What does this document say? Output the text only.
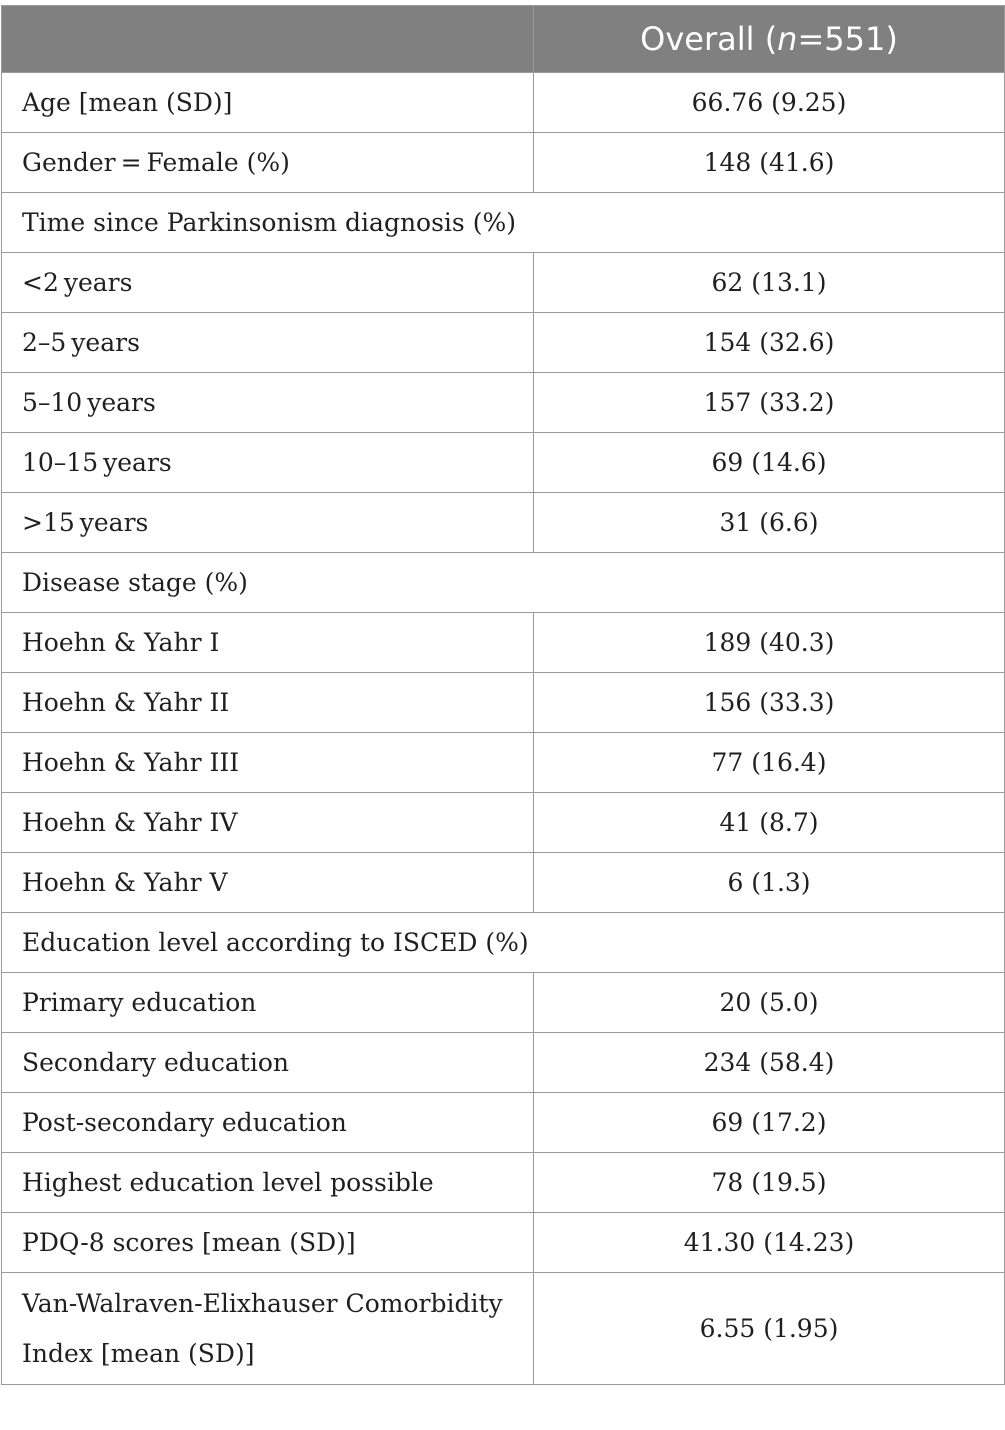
	Overall (n=551)
Age [mean (SD)]	66.76 (9.25)
Gender = Female (%)	148 (41.6)
Time since Parkinsonism diagnosis (%)	
<2 years	62 (13.1)
2–5 years	154 (32.6)
5–10 years	157 (33.2)
10–15 years	69 (14.6)
>15 years	31 (6.6)
Disease stage (%)	
Hoehn & Yahr I	189 (40.3)
Hoehn & Yahr II	156 (33.3)
Hoehn & Yahr III	77 (16.4)
Hoehn & Yahr IV	41 (8.7)
Hoehn & Yahr V	6 (1.3)
Education level according to ISCED (%)	
Primary education	20 (5.0)
Secondary education	234 (58.4)
Post-secondary education	69 (17.2)
Highest education level possible	78 (19.5)
PDQ-8 scores [mean (SD)]	41.30 (14.23)
Van-Walraven-Elixhauser Comorbidity Index [mean (SD)]	6.55 (1.95)
